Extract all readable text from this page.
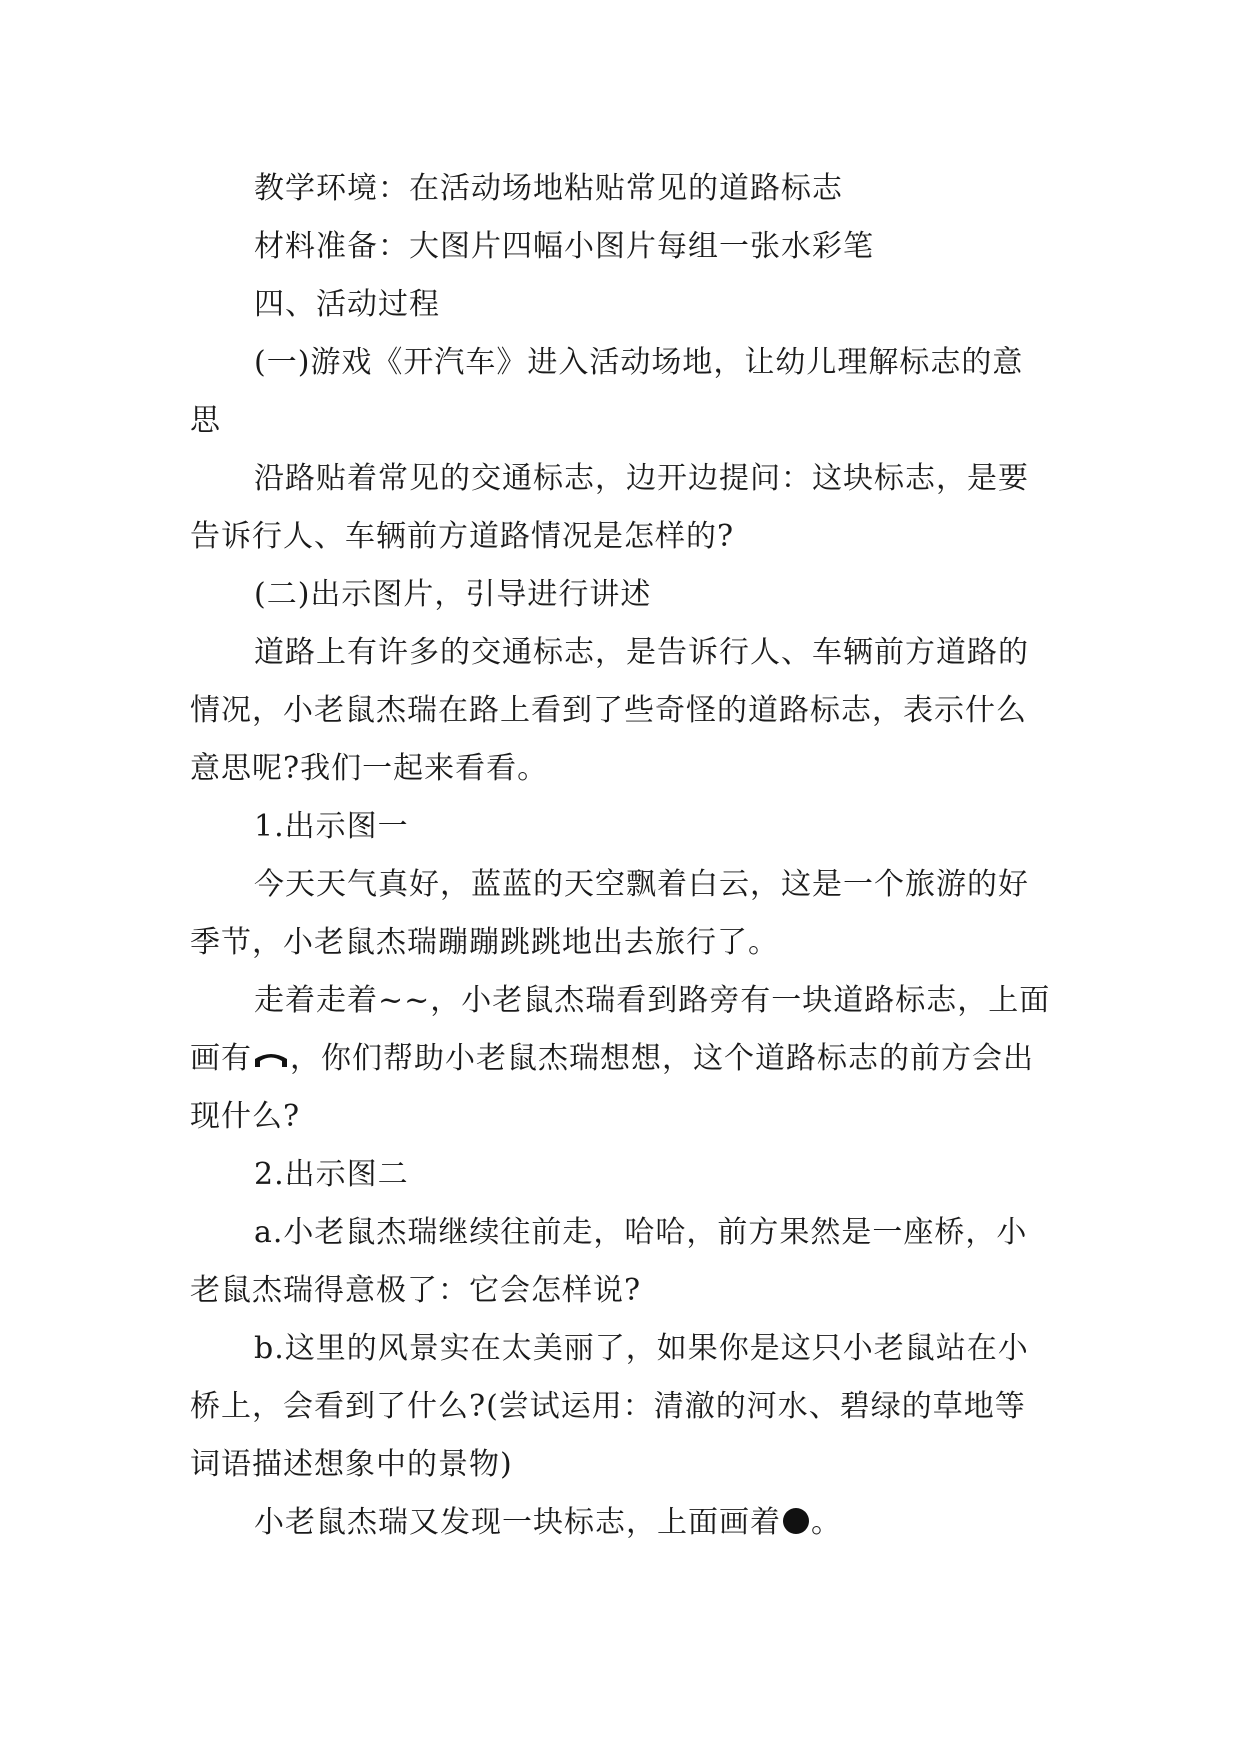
教学环境：在活动场地粘贴常见的道路标志

材料准备：大图片四幅小图片每组一张水彩笔

四、活动过程

(一)游戏《开汽车》进入活动场地，让幼儿理解标志的意思

沿路贴着常见的交通标志，边开边提问：这块标志，是要告诉行人、车辆前方道路情况是怎样的?

(二)出示图片，引导进行讲述

道路上有许多的交通标志，是告诉行人、车辆前方道路的情况，小老鼠杰瑞在路上看到了些奇怪的道路标志，表示什么意思呢?我们一起来看看。

1.出示图一

今天天气真好，蓝蓝的天空飘着白云，这是一个旅游的好季节，小老鼠杰瑞蹦蹦跳跳地出去旅行了。

走着走着~~，小老鼠杰瑞看到路旁有一块道路标志，上面画有 ，你们帮助小老鼠杰瑞想想，这个道路标志的前方会出现什么?

2.出示图二

a.小老鼠杰瑞继续往前走，哈哈，前方果然是一座桥，小老鼠杰瑞得意极了：它会怎样说?

b.这里的风景实在太美丽了，如果你是这只小老鼠站在小桥上，会看到了什么?(尝试运用：清澈的河水、碧绿的草地等词语描述想象中的景物)

小老鼠杰瑞又发现一块标志，上面画着 。
